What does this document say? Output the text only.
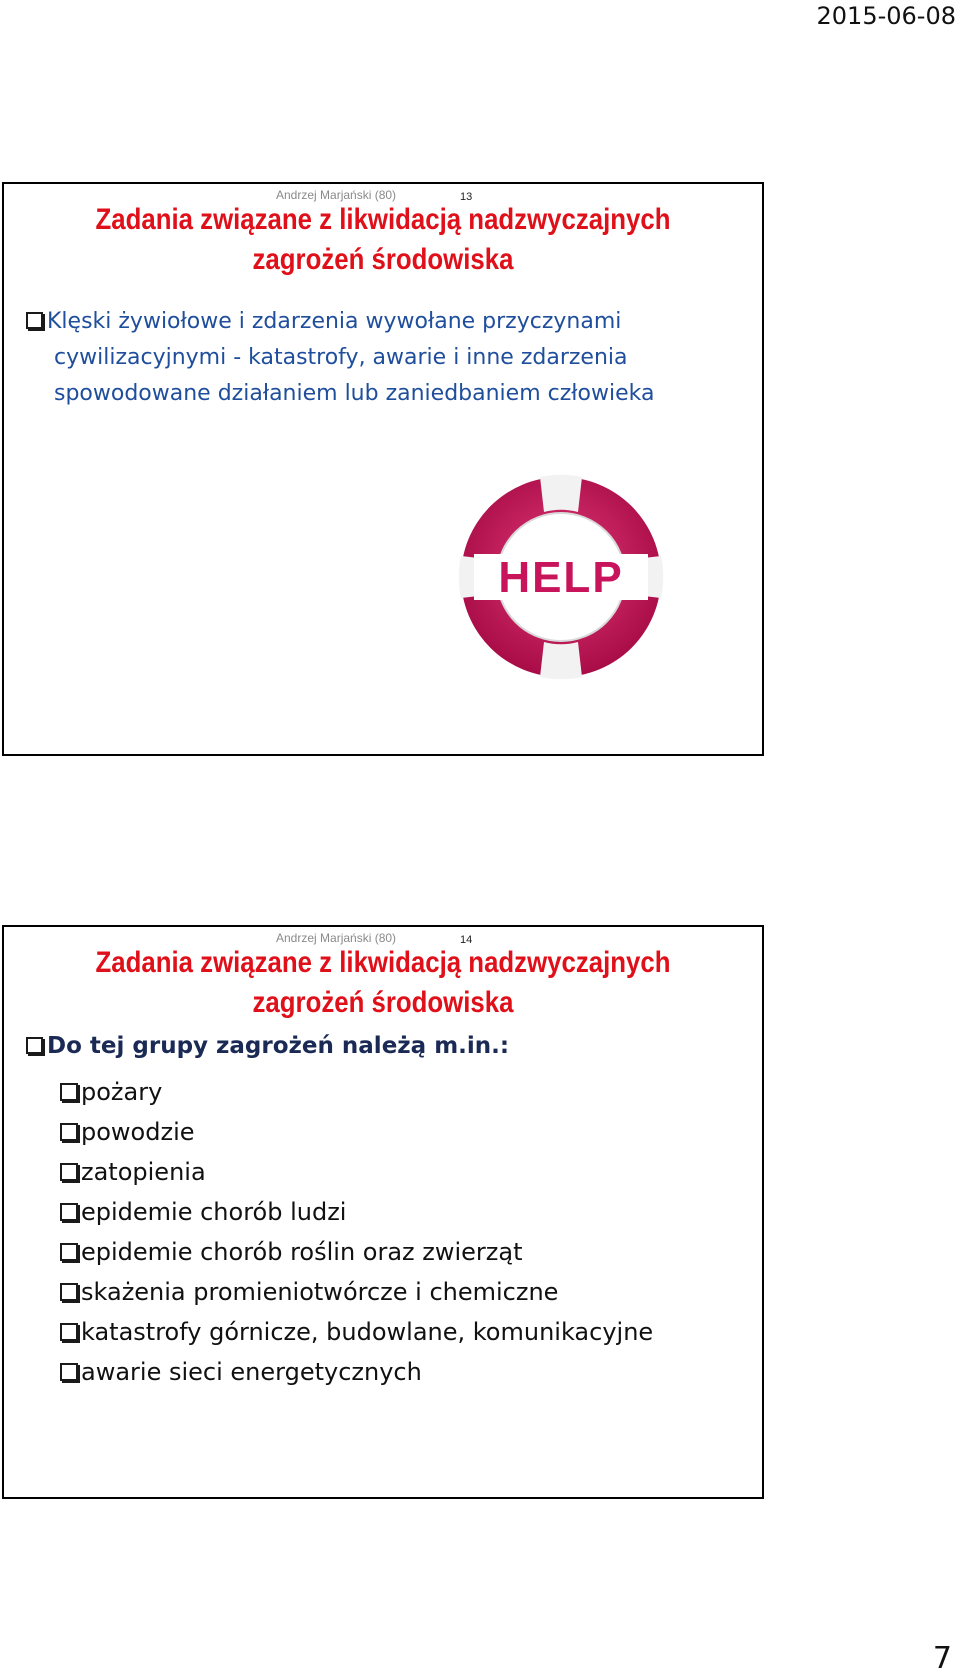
2015-06-08
Andrzej Marjański (80)	13
Zadania związane z likwidacją nadzwyczajnych
zagrożeń środowiska
Klęski żywiołowe i zdarzenia wywołane przyczynami
cywilizacyjnymi - katastrofy, awarie i inne zdarzenia
spowodowane działaniem lub zaniedbaniem człowieka
HELP
Andrzej Marjański (80)	14
Zadania związane z likwidacją nadzwyczajnych
zagrożeń środowiska
Do tej grupy zagrożeń należą m.in.:
pożary
powodzie
zatopienia
epidemie chorób ludzi
epidemie chorób roślin oraz zwierząt
skażenia promieniotwórcze i chemiczne
katastrofy górnicze, budowlane, komunikacyjne
awarie sieci energetycznych
7
